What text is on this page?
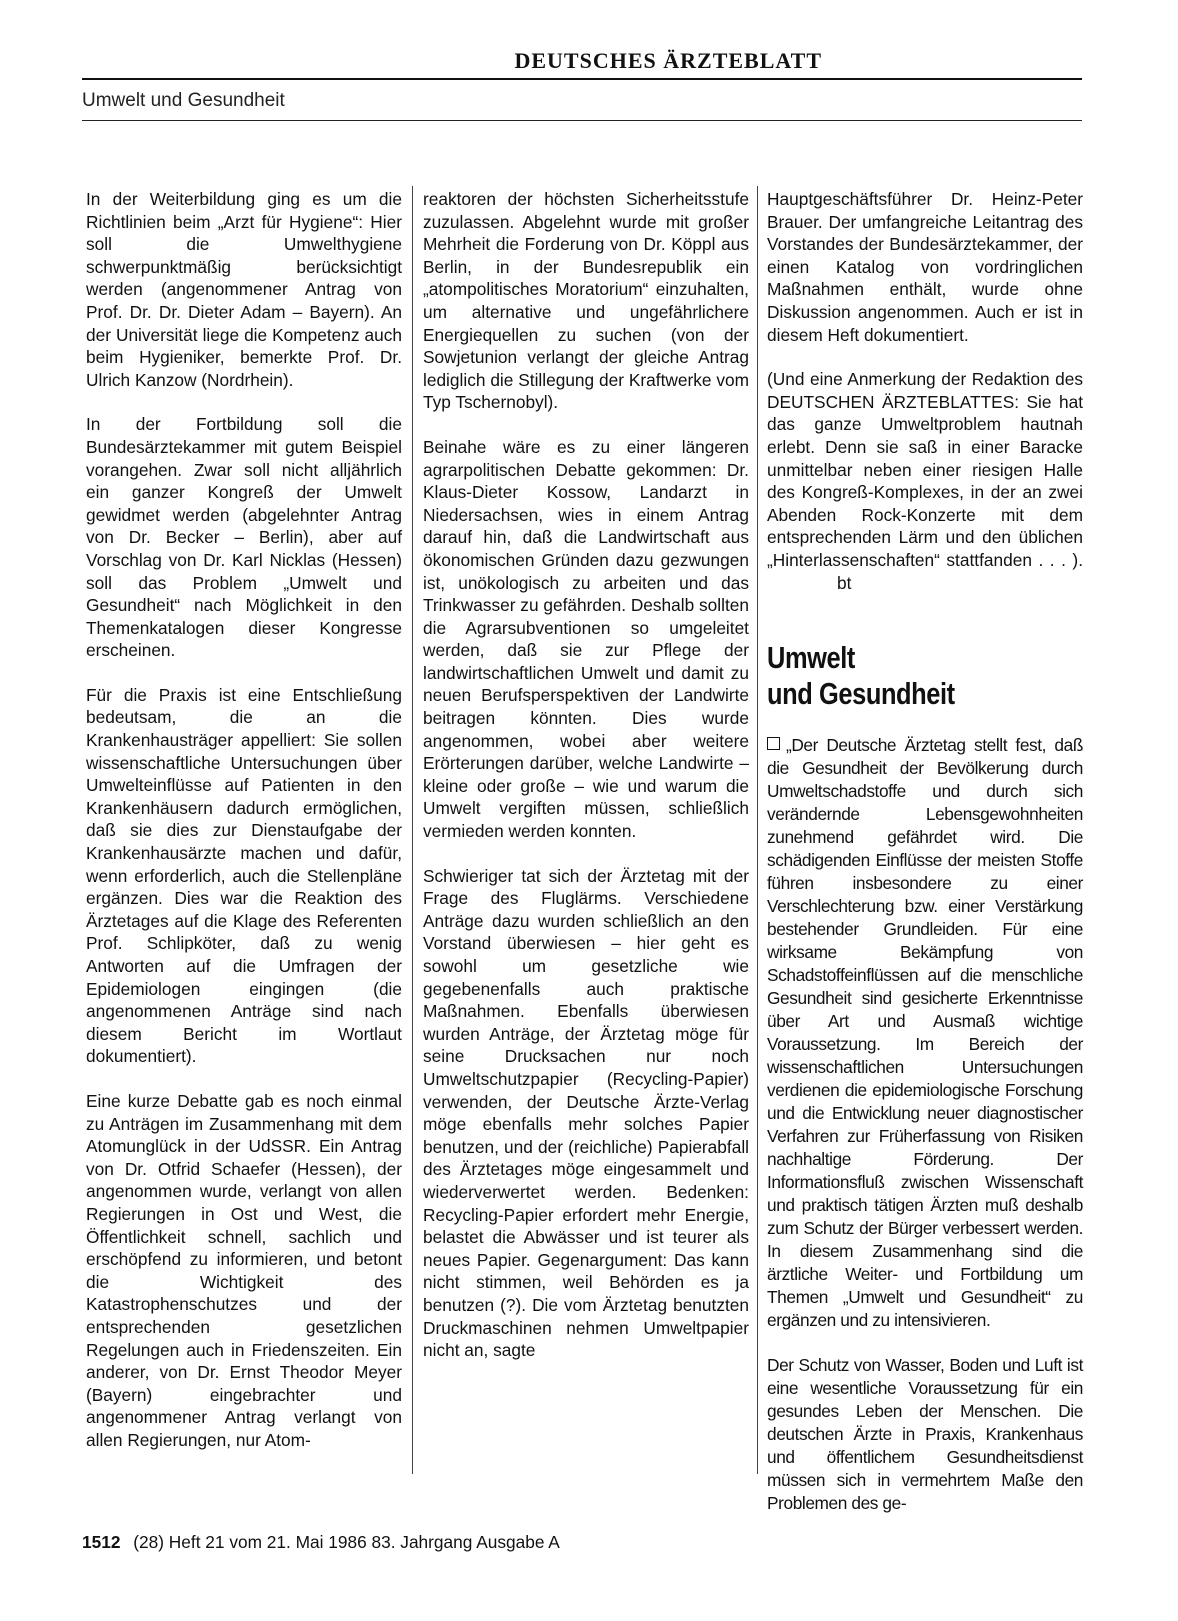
DEUTSCHES ÄRZTEBLATT
Umwelt und Gesundheit

In der Weiterbildung ging es um die Richtlinien beim „Arzt für Hygiene“: Hier soll die Umwelthygiene schwerpunktmäßig berücksichtigt werden (angenommener Antrag von Prof. Dr. Dr. Dieter Adam – Bayern). An der Universität liege die Kompetenz auch beim Hygieniker, bemerkte Prof. Dr. Ulrich Kanzow (Nordrhein).

In der Fortbildung soll die Bundesärztekammer mit gutem Beispiel vorangehen. Zwar soll nicht alljährlich ein ganzer Kongreß der Umwelt gewidmet werden (abgelehnter Antrag von Dr. Becker – Berlin), aber auf Vorschlag von Dr. Karl Nicklas (Hessen) soll das Problem „Umwelt und Gesundheit“ nach Möglichkeit in den Themenkatalogen dieser Kongresse erscheinen.

Für die Praxis ist eine Entschließung bedeutsam, die an die Krankenhausträger appelliert: Sie sollen wissenschaftliche Untersuchungen über Umwelteinflüsse auf Patienten in den Krankenhäusern dadurch ermöglichen, daß sie dies zur Dienstaufgabe der Krankenhausärzte machen und dafür, wenn erforderlich, auch die Stellenpläne ergänzen. Dies war die Reaktion des Ärztetages auf die Klage des Referenten Prof. Schlipköter, daß zu wenig Antworten auf die Umfragen der Epidemiologen eingingen (die angenommenen Anträge sind nach diesem Bericht im Wortlaut dokumentiert).

Eine kurze Debatte gab es noch einmal zu Anträgen im Zusammenhang mit dem Atomunglück in der UdSSR. Ein Antrag von Dr. Otfrid Schaefer (Hessen), der angenommen wurde, verlangt von allen Regierungen in Ost und West, die Öffentlichkeit schnell, sachlich und erschöpfend zu informieren, und betont die Wichtigkeit des Katastrophenschutzes und der entsprechenden gesetzlichen Regelungen auch in Friedenszeiten. Ein anderer, von Dr. Ernst Theodor Meyer (Bayern) eingebrachter und angenommener Antrag verlangt von allen Regierungen, nur Atom-

reaktoren der höchsten Sicherheitsstufe zuzulassen. Abgelehnt wurde mit großer Mehrheit die Forderung von Dr. Köppl aus Berlin, in der Bundesrepublik ein „atompolitisches Moratorium“ einzuhalten, um alternative und ungefährlichere Energiequellen zu suchen (von der Sowjetunion verlangt der gleiche Antrag lediglich die Stillegung der Kraftwerke vom Typ Tschernobyl).

Beinahe wäre es zu einer längeren agrarpolitischen Debatte gekommen: Dr. Klaus-Dieter Kossow, Landarzt in Niedersachsen, wies in einem Antrag darauf hin, daß die Landwirtschaft aus ökonomischen Gründen dazu gezwungen ist, unökologisch zu arbeiten und das Trinkwasser zu gefährden. Deshalb sollten die Agrarsubventionen so umgeleitet werden, daß sie zur Pflege der landwirtschaftlichen Umwelt und damit zu neuen Berufsperspektiven der Landwirte beitragen könnten. Dies wurde angenommen, wobei aber weitere Erörterungen darüber, welche Landwirte – kleine oder große – wie und warum die Umwelt vergiften müssen, schließlich vermieden werden konnten.

Schwieriger tat sich der Ärztetag mit der Frage des Fluglärms. Verschiedene Anträge dazu wurden schließlich an den Vorstand überwiesen – hier geht es sowohl um gesetzliche wie gegebenenfalls auch praktische Maßnahmen. Ebenfalls überwiesen wurden Anträge, der Ärztetag möge für seine Drucksachen nur noch Umweltschutzpapier (Recycling-Papier) verwenden, der Deutsche Ärzte-Verlag möge ebenfalls mehr solches Papier benutzen, und der (reichliche) Papierabfall des Ärztetages möge eingesammelt und wiederverwertet werden. Bedenken: Recycling-Papier erfordert mehr Energie, belastet die Abwässer und ist teurer als neues Papier. Gegenargument: Das kann nicht stimmen, weil Behörden es ja benutzen (?). Die vom Ärztetag benutzten Druckmaschinen nehmen Umweltpapier nicht an, sagte

Hauptgeschäftsführer Dr. Heinz-Peter Brauer. Der umfangreiche Leitantrag des Vorstandes der Bundesärztekammer, der einen Katalog von vordringlichen Maßnahmen enthält, wurde ohne Diskussion angenommen. Auch er ist in diesem Heft dokumentiert.

(Und eine Anmerkung der Redaktion des DEUTSCHEN ÄRZTEBLATTES: Sie hat das ganze Umweltproblem hautnah erlebt. Denn sie saß in einer Baracke unmittelbar neben einer riesigen Halle des Kongreß-Komplexes, in der an zwei Abenden Rock-Konzerte mit dem entsprechenden Lärm und den üblichen „Hinterlassenschaften“ stattfanden . . . ).bt

Umwelt
und Gesundheit

„Der Deutsche Ärztetag stellt fest, daß die Gesundheit der Bevölkerung durch Umweltschadstoffe und durch sich verändernde Lebensgewohnheiten zunehmend gefährdet wird. Die schädigenden Einflüsse der meisten Stoffe führen insbesondere zu einer Verschlechterung bzw. einer Verstärkung bestehender Grundleiden. Für eine wirksame Bekämpfung von Schadstoffeinflüssen auf die menschliche Gesundheit sind gesicherte Erkenntnisse über Art und Ausmaß wichtige Voraussetzung. Im Bereich der wissenschaftlichen Untersuchungen verdienen die epidemiologische Forschung und die Entwicklung neuer diagnostischer Verfahren zur Früherfassung von Risiken nachhaltige Förderung. Der Informationsfluß zwischen Wissenschaft und praktisch tätigen Ärzten muß deshalb zum Schutz der Bürger verbessert werden. In diesem Zusammenhang sind die ärztliche Weiter- und Fortbildung um Themen „Umwelt und Gesundheit“ zu ergänzen und zu intensivieren.

Der Schutz von Wasser, Boden und Luft ist eine wesentliche Voraussetzung für ein gesundes Leben der Menschen. Die deutschen Ärzte in Praxis, Krankenhaus und öffentlichem Gesundheitsdienst müssen sich in vermehrtem Maße den Problemen des ge-

1512 (28) Heft 21 vom 21. Mai 1986 83. Jahrgang Ausgabe A
